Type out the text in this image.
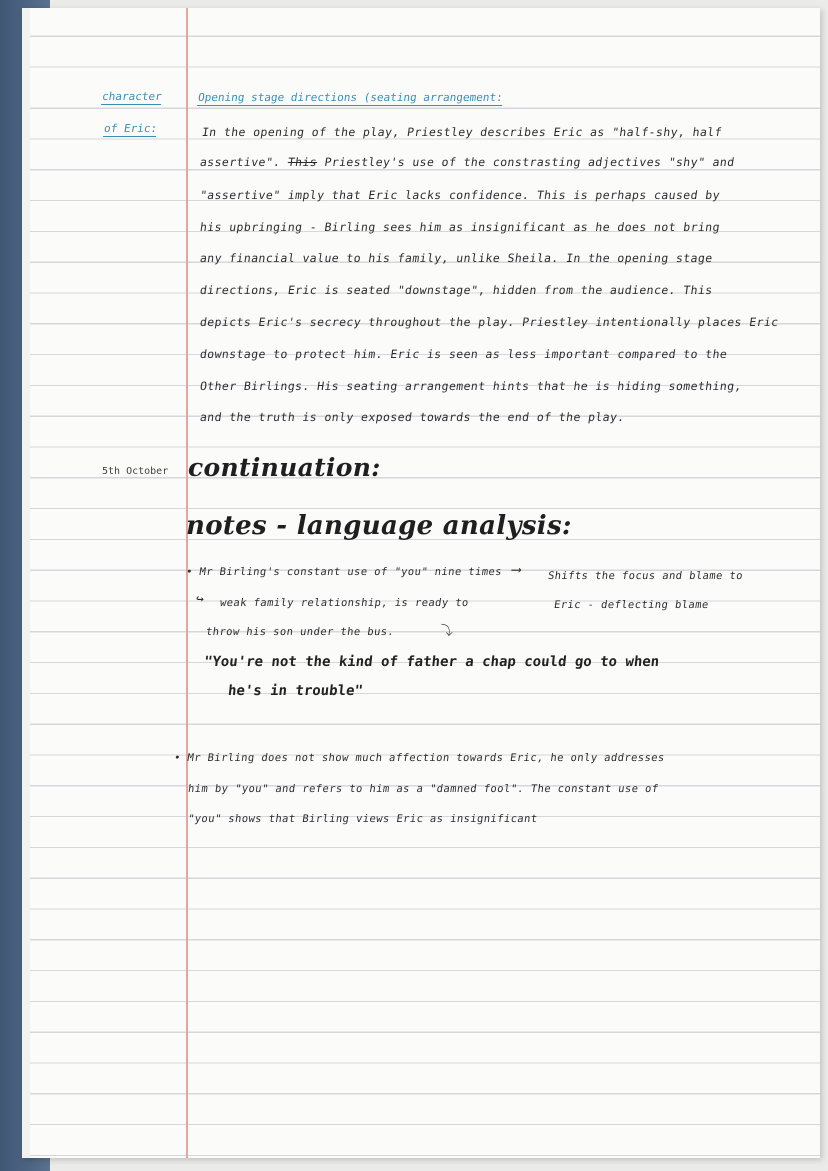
character
of Eric:
Opening stage directions (seating arrangement:
In the opening of the play, Priestley describes Eric as "half-shy, half
assertive". This Priestley's use of the constrasting adjectives "shy" and
"assertive" imply that Eric lacks confidence. This is perhaps caused by
his upbringing - Birling sees him as insignificant as he does not bring
any financial value to his family, unlike Sheila. In the opening stage
directions, Eric is seated "downstage", hidden from the audience. This
depicts Eric's secrecy throughout the play. Priestley intentionally places Eric
downstage to protect him. Eric is seen as less important compared to the
Other Birlings. His seating arrangement hints that he is hiding something,
and the truth is only exposed towards the end of the play.
5th October continuation:
notes - language analysis:
• Mr Birling's constant use of "you" nine times ⟶ Shifts the focus and blame to
↪ weak family relationship, is ready to	Eric - deflecting blame
throw his son under the bus.	⤵
"You're not the kind of father a chap could go to when
he's in trouble"
• Mr Birling does not show much affection towards Eric, he only addresses
him by "you" and refers to him as a "damned fool". The constant use of
"you" shows that Birling views Eric as insignificant
